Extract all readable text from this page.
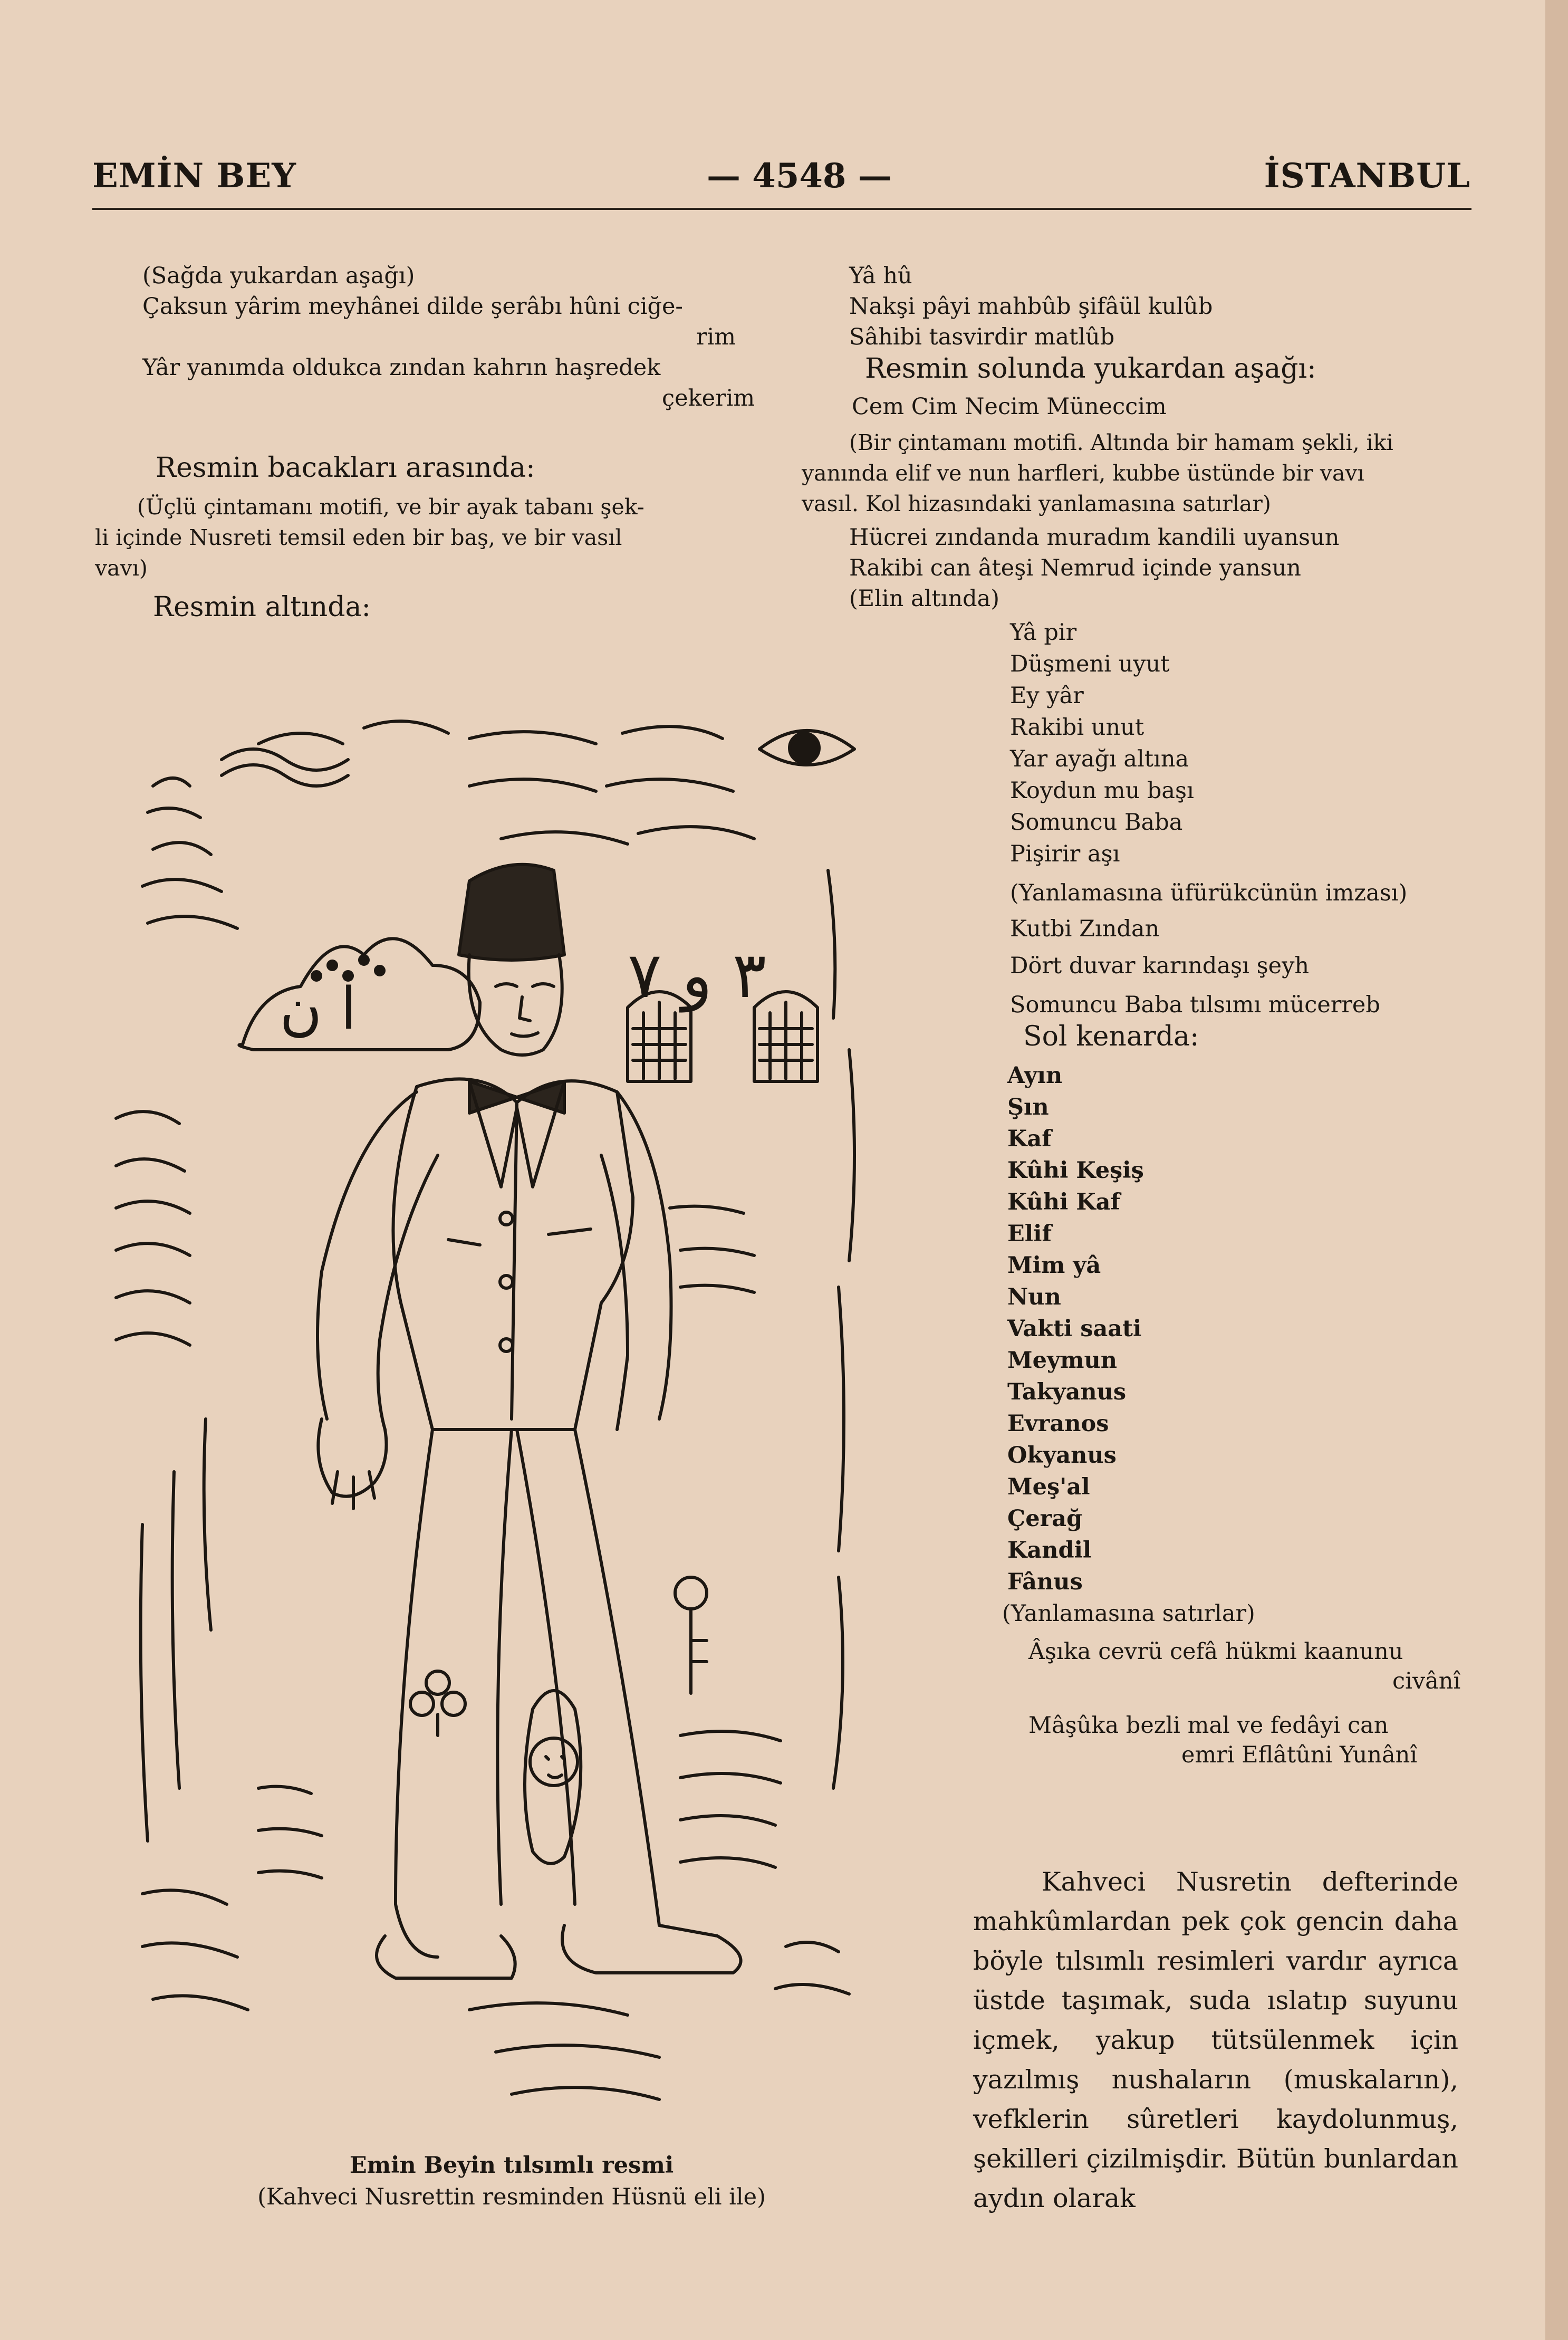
EMİN BEY	— 4548 —	İSTANBUL
(Sağda yukardan aşağı)
Çaksun yârim meyhânei dilde şerâbı hûni ciğe-
rim
Yâr yanımda oldukca zından kahrın haşredek
çekerim
Resmin bacakları arasında:
(Üçlü çintamanı motifi, ve bir ayak tabanı şek-
li içinde Nusreti temsil eden bir baş, ve bir vasıl
vavı)
Resmin altında:
Yâ hû
Nakşi pâyi mahbûb şifâül kulûb
Sâhibi tasvirdir matlûb
Resmin solunda yukardan aşağı:
Cem Cim Necim Müneccim
(Bir çintamanı motifi. Altında bir hamam şekli, iki
yanında elif ve nun harfleri, kubbe üstünde bir vavı
vasıl. Kol hizasındaki yanlamasına satırlar)
Hücrei zındanda muradım kandili uyansun
Rakibi can âteşi Nemrud içinde yansun
(Elin altında)
Yâ pir
Düşmeni uyut
Ey yâr
Rakibi unut
Yar ayağı altına
Koydun mu başı
Somuncu Baba
Pişirir aşı
(Yanlamasına üfürükcünün imzası)
Kutbi Zından
Dört duvar karındaşı şeyh
Somuncu Baba tılsımı mücerreb
Sol kenarda:
Ayın
Şın
Kaf
Kûhi Keşiş
Kûhi Kaf
Elif
Mim yâ
Nun
Vakti saati
Meymun
Takyanus
Evranos
Okyanus
Meş'al
Çerağ
Kandil
Fânus
(Yanlamasına satırlar)
Âşıka cevrü cefâ hükmi kaanunu
civânî
Mâşûka bezli mal ve fedâyi can
emri Eflâtûni Yunânî

Kahveci Nusretin defterinde mahkûmlardan pek çok gencin daha böyle tılsımlı resimleri vardır ayrıca üstde taşımak, suda ıslatıp suyunu içmek, yakup tütsülenmek için yazılmış nushaların (muskaların), vefklerin sûretleri kaydolunmuş, şekilleri çizilmişdir. Bütün bunlardan aydın olarak

٣ و ٧
ا ن
Emin Beyin tılsımlı resmi
(Kahveci Nusrettin resminden Hüsnü eli ile)
